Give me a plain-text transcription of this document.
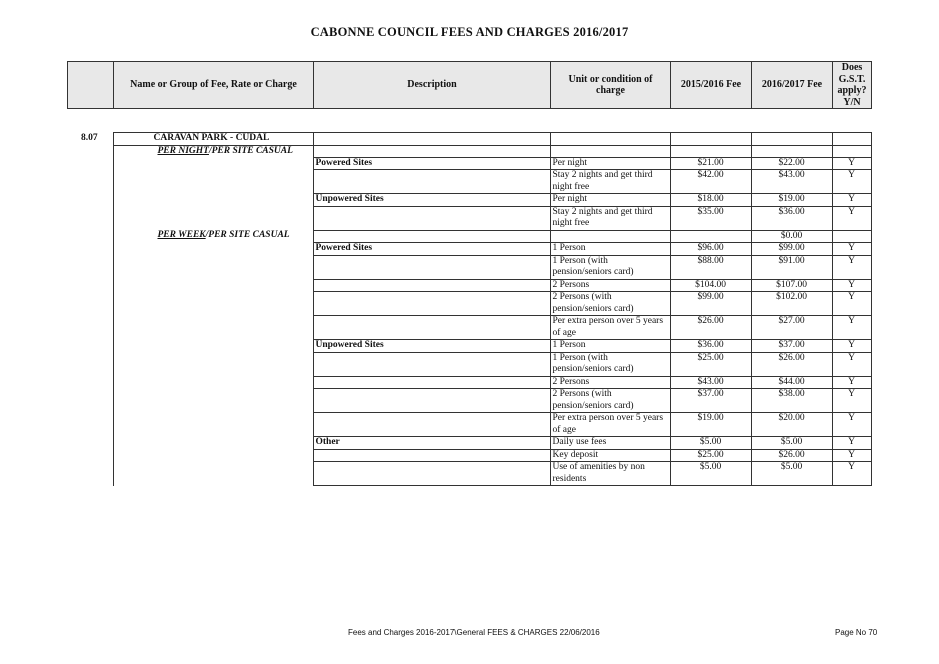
CABONNE COUNCIL FEES AND CHARGES 2016/2017
	Name or Group of Fee, Rate or Charge	Description	Unit or condition of charge	2015/2016 Fee	2016/2017 Fee	Does G.S.T. apply? Y/N
8.07	CARAVAN PARK - CUDAL					
	PER NIGHT/PER SITE CASUAL					
		Powered Sites	Per night	$21.00	$22.00	Y
			Stay 2 nights and get third night free	$42.00	$43.00	Y
		Unpowered Sites	Per night	$18.00	$19.00	Y
			Stay 2 nights and get third night free	$35.00	$36.00	Y
	PER WEEK/PER SITE CASUAL				$0.00	
		Powered Sites	1 Person	$96.00	$99.00	Y
			1 Person (with pension/seniors card)	$88.00	$91.00	Y
			2 Persons	$104.00	$107.00	Y
			2 Persons (with pension/seniors card)	$99.00	$102.00	Y
			Per extra person over 5 years of age	$26.00	$27.00	Y
		Unpowered Sites	1 Person	$36.00	$37.00	Y
			1 Person (with pension/seniors card)	$25.00	$26.00	Y
			2 Persons	$43.00	$44.00	Y
			2 Persons (with pension/seniors card)	$37.00	$38.00	Y
			Per extra person over 5 years of age	$19.00	$20.00	Y
		Other	Daily use fees	$5.00	$5.00	Y
			Key deposit	$25.00	$26.00	Y
			Use of amenities by non residents	$5.00	$5.00	Y
Fees and Charges 2016-2017\General FEES & CHARGES 22/06/2016	Page No 70
